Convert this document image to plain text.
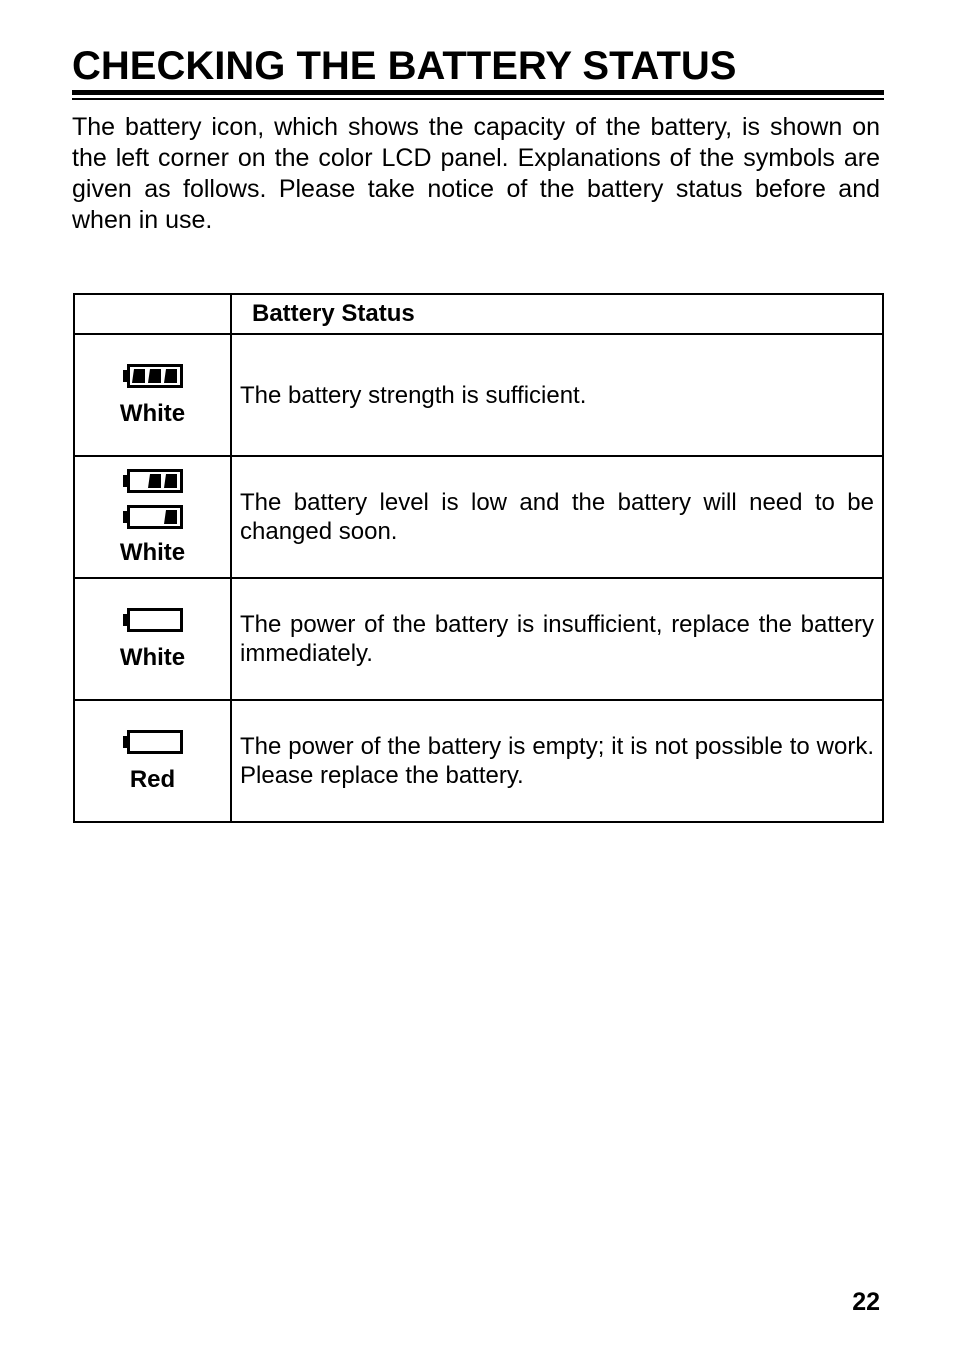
CHECKING THE BATTERY STATUS

The battery icon, which shows the capacity of the battery, is shown on the left corner on the color LCD panel. Explanations of the symbols are given as follows. Please take notice of the battery status before and when in use.

	Battery Status

White	The battery strength is sufficient.

White	The battery level is low and the battery will need to be changed soon.

White	The power of the battery is insufficient, replace the battery immediately.

Red	The power of the battery is empty; it is not possible to work.　Please replace the battery.
22
